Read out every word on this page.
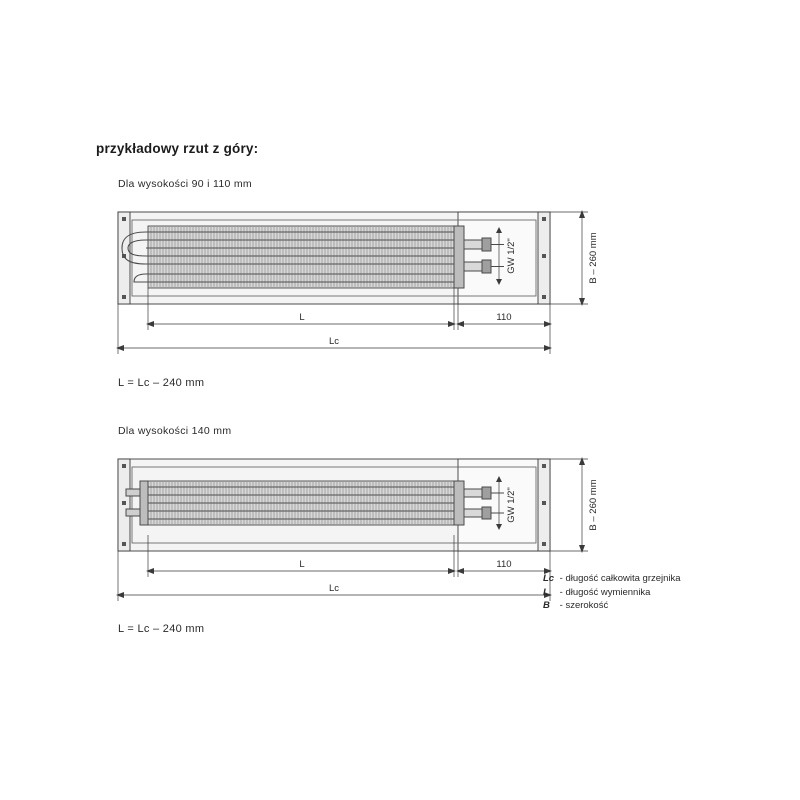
przykładowy rzut z góry:
Dla wysokości 90 i 110 mm
L	110
Lc
B – 260 mm
GW 1/2"
L = Lc – 240 mm
Dla wysokości 140 mm
L	110
Lc
B – 260 mm
GW 1/2"
L = Lc – 240 mm
Lc - długość całkowita grzejnika
L - długość wymiennika
B - szerokość
